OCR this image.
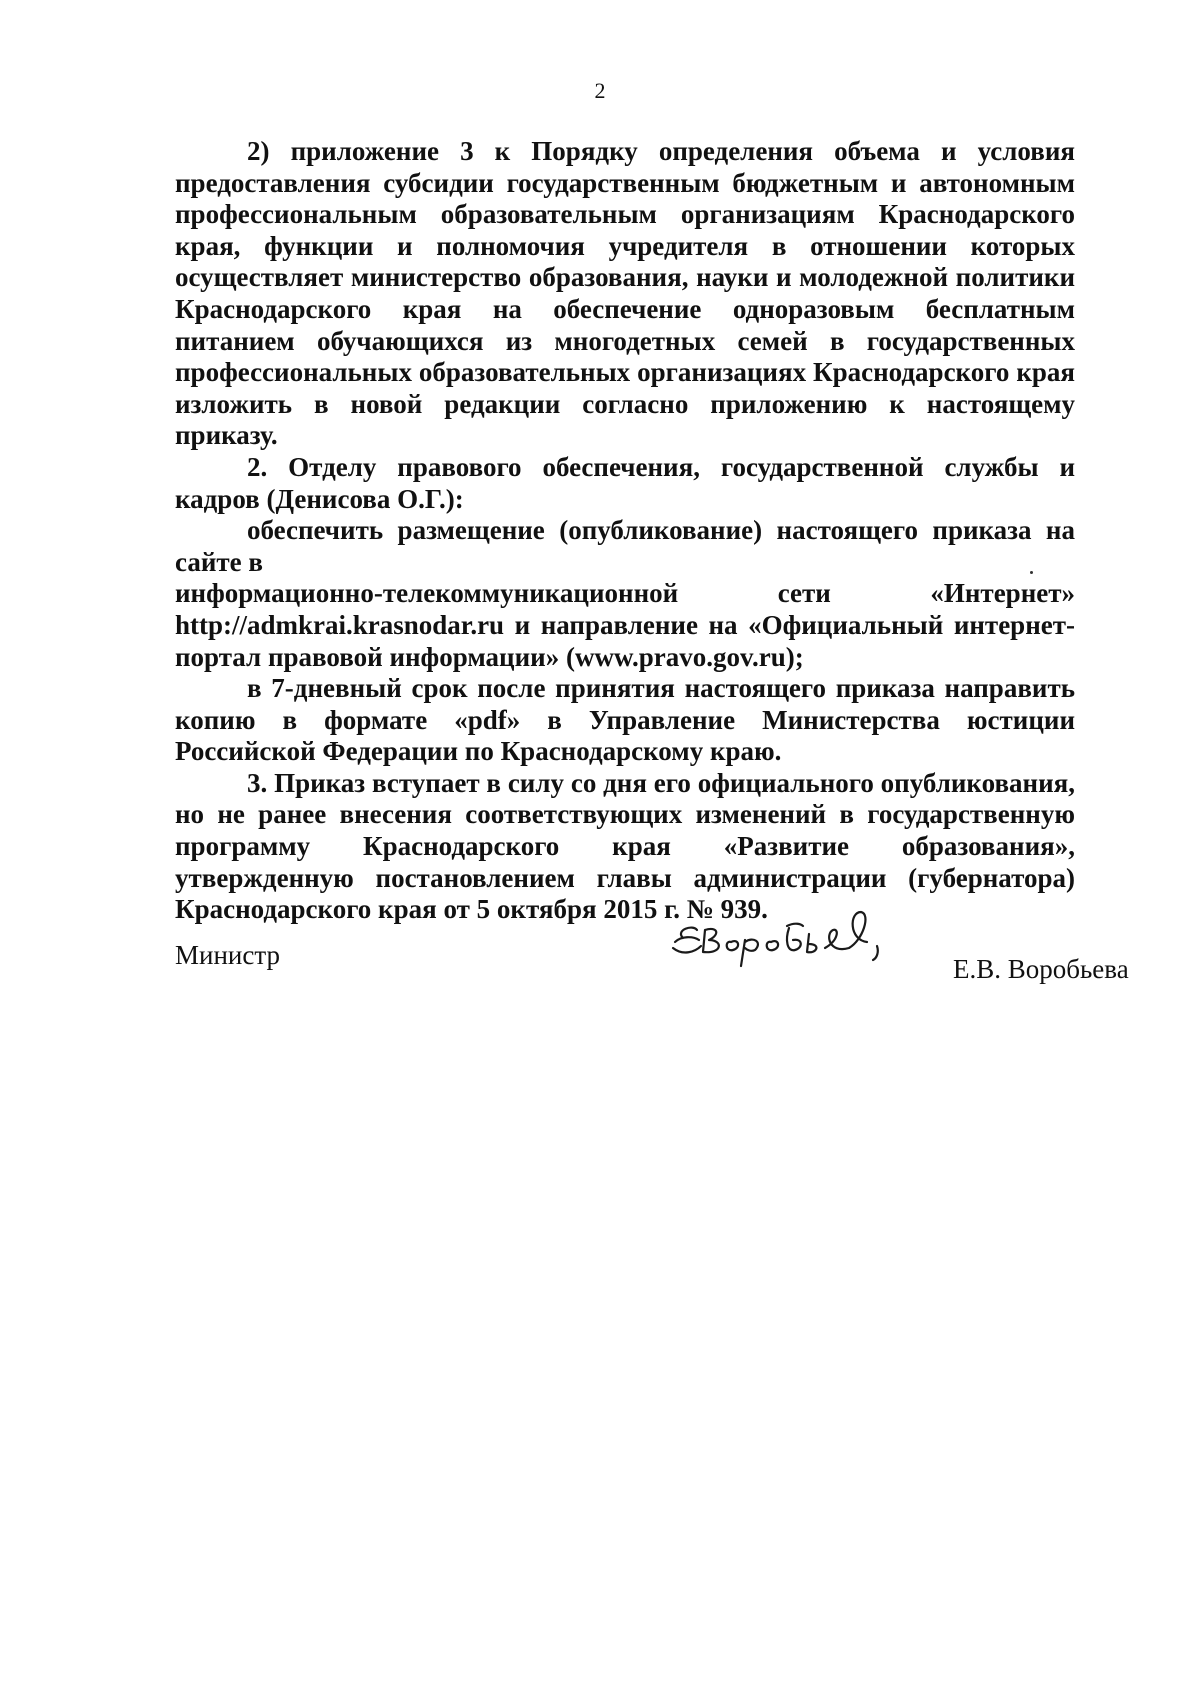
2

2) приложение 3 к Порядку определения объема и условия предоставления субсидии государственным бюджетным и автономным профессиональным образовательным организациям Краснодарского края, функции и полномочия учредителя в отношении которых осуществляет министерство образования, науки и молодежной политики Краснодарского края на обеспечение одноразовым бесплатным питанием обучающихся из многодетных семей в государственных профессиональных образовательных организациях Краснодарского края изложить в новой редакции согласно приложению к настоящему приказу.

2. Отделу правового обеспечения, государственной службы и кадров (Денисова О.Г.):

обеспечить размещение (опубликование) настоящего приказа на сайте в

информационно-телекоммуникационной	сети	«Интернет»

http://admkrai.krasnodar.ru и направление на «Официальный интернет-портал правовой информации» (www.pravo.gov.ru);

в 7-дневный срок после принятия настоящего приказа направить копию в формате «pdf» в Управление Министерства юстиции Российской Федерации по Краснодарскому краю.

3. Приказ вступает в силу со дня его официального опубликования, но не ранее внесения соответствующих изменений в государственную программу Краснодарского края «Развитие образования», утвержденную постановлением главы администрации (губернатора) Краснодарского края от 5 октября 2015 г. № 939.

Министр	Е.В. Воробьева
